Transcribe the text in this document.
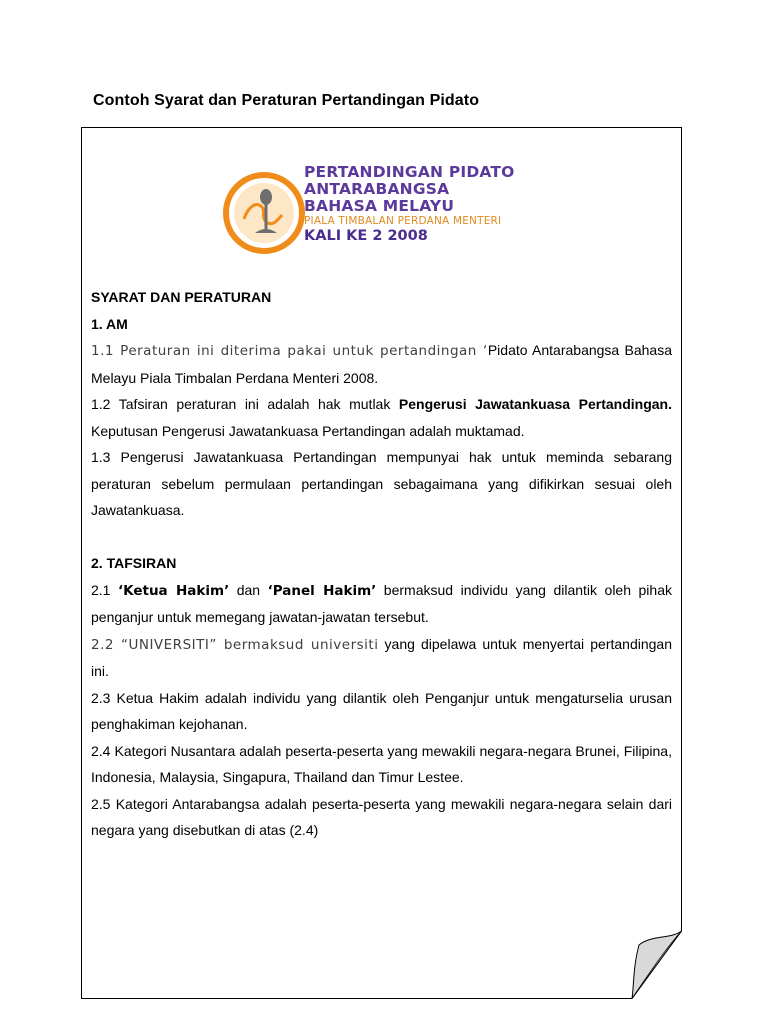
Contoh Syarat dan Peraturan Pertandingan Pidato
PERTANDINGAN PIDATO
ANTARABANGSA
BAHASA MELAYU
PIALA TIMBALAN PERDANA MENTERI
KALI KE 2 2008

SYARAT DAN PERATURAN

1. AM

1.1 Peraturan ini diterima pakai untuk pertandingan ‘Pidato Antarabangsa Bahasa Melayu Piala Timbalan Perdana Menteri 2008.

1.2 Tafsiran peraturan ini adalah hak mutlak Pengerusi Jawatankuasa Pertandingan. Keputusan Pengerusi Jawatankuasa Pertandingan adalah muktamad.

1.3 Pengerusi Jawatankuasa Pertandingan mempunyai hak untuk meminda sebarang peraturan sebelum permulaan pertandingan sebagaimana yang difikirkan sesuai oleh Jawatankuasa.

2. TAFSIRAN

2.1 ‘Ketua Hakim’ dan ‘Panel Hakim’ bermaksud individu yang dilantik oleh pihak penganjur untuk memegang jawatan-jawatan tersebut.

2.2 “UNIVERSITI” bermaksud universiti yang dipelawa untuk menyertai pertandingan ini.

2.3 Ketua Hakim adalah individu yang dilantik oleh Penganjur untuk mengaturselia urusan penghakiman kejohanan.

2.4 Kategori Nusantara adalah peserta-peserta yang mewakili negara-negara Brunei, Filipina, Indonesia, Malaysia, Singapura, Thailand dan Timur Lestee.

2.5 Kategori Antarabangsa adalah peserta-peserta yang mewakili negara-negara selain dari negara yang disebutkan di atas (2.4)
